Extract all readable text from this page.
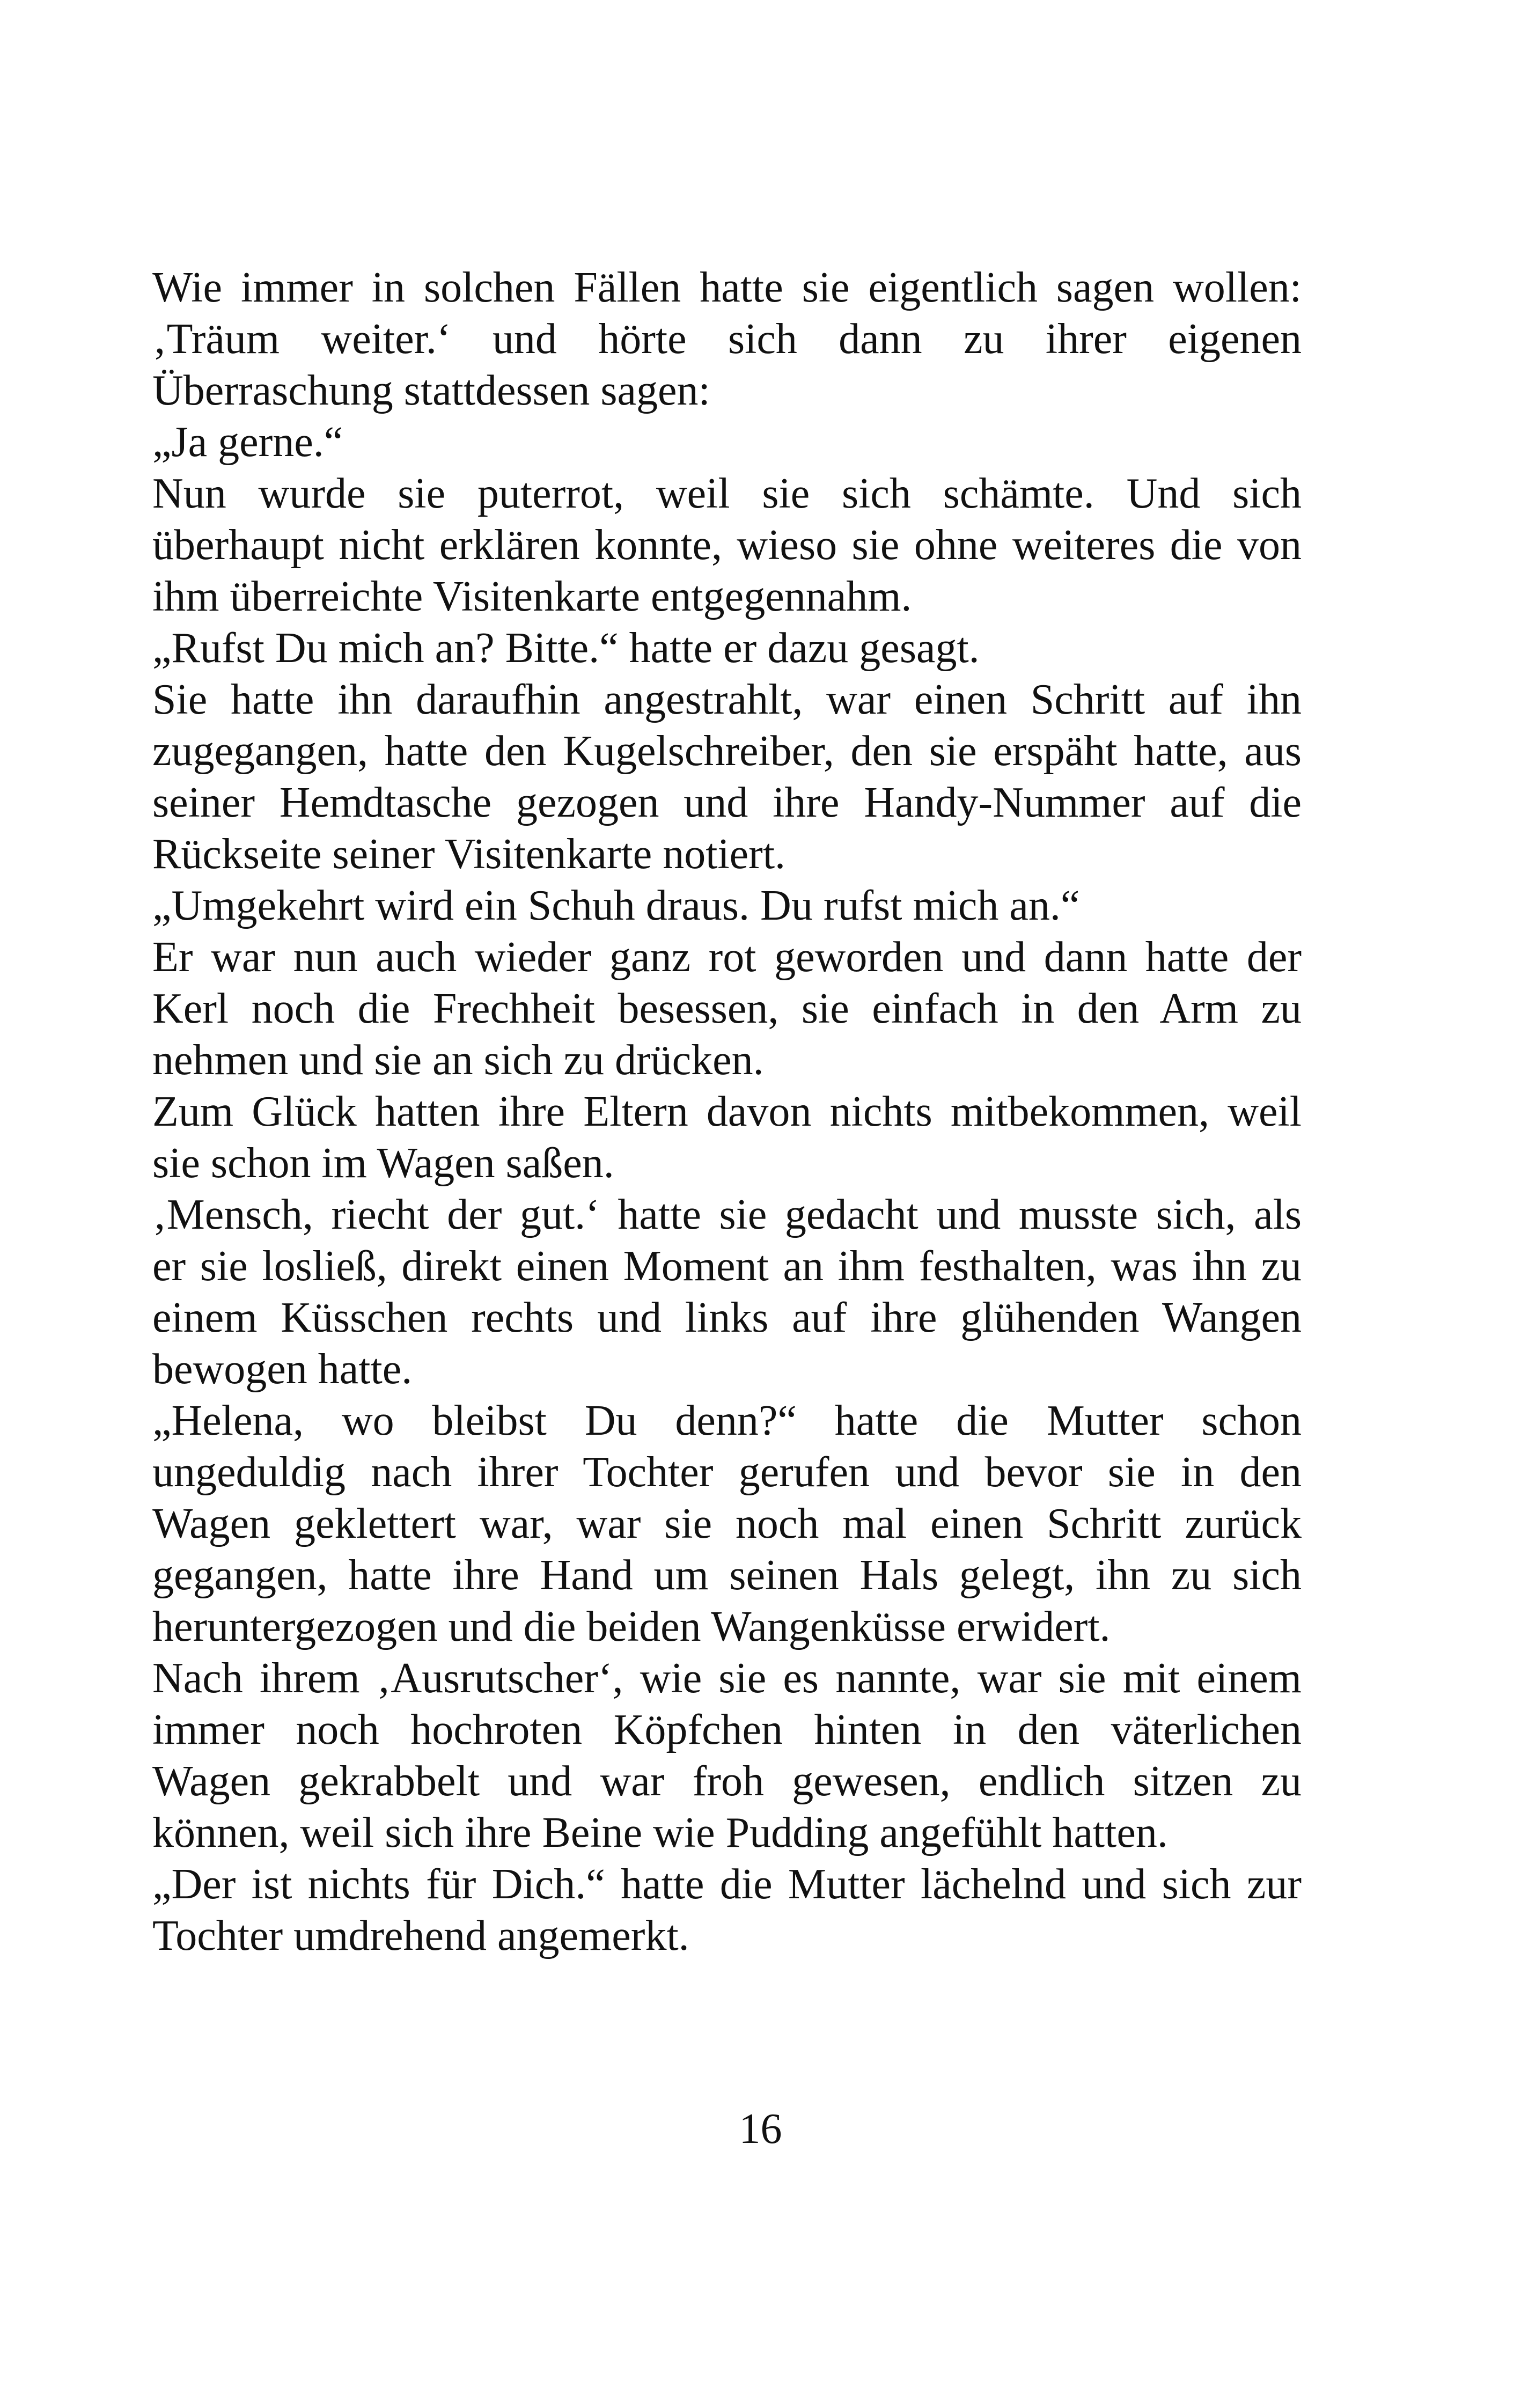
Wie immer in solchen Fällen hatte sie eigentlich sagen wollen:
‚Träum weiter.‘ und hörte sich dann zu ihrer eigenen
Überraschung stattdessen sagen:
„Ja gerne.“
Nun wurde sie puterrot, weil sie sich schämte. Und sich
überhaupt nicht erklären konnte, wieso sie ohne weiteres die von
ihm überreichte Visitenkarte entgegennahm.
„Rufst Du mich an? Bitte.“ hatte er dazu gesagt.
Sie hatte ihn daraufhin angestrahlt, war einen Schritt auf ihn
zugegangen, hatte den Kugelschreiber, den sie erspäht hatte, aus
seiner Hemdtasche gezogen und ihre Handy-Nummer auf die
Rückseite seiner Visitenkarte notiert.
„Umgekehrt wird ein Schuh draus. Du rufst mich an.“
Er war nun auch wieder ganz rot geworden und dann hatte der
Kerl noch die Frechheit besessen, sie einfach in den Arm zu
nehmen und sie an sich zu drücken.
Zum Glück hatten ihre Eltern davon nichts mitbekommen, weil
sie schon im Wagen saßen.
‚Mensch, riecht der gut.‘ hatte sie gedacht und musste sich, als
er sie losließ, direkt einen Moment an ihm festhalten, was ihn zu
einem Küsschen rechts und links auf ihre glühenden Wangen
bewogen hatte.
„Helena, wo bleibst Du denn?“ hatte die Mutter schon
ungeduldig nach ihrer Tochter gerufen und bevor sie in den
Wagen geklettert war, war sie noch mal einen Schritt zurück
gegangen, hatte ihre Hand um seinen Hals gelegt, ihn zu sich
heruntergezogen und die beiden Wangenküsse erwidert.
Nach ihrem ‚Ausrutscher‘, wie sie es nannte, war sie mit einem
immer noch hochroten Köpfchen hinten in den väterlichen
Wagen gekrabbelt und war froh gewesen, endlich sitzen zu
können, weil sich ihre Beine wie Pudding angefühlt hatten.
„Der ist nichts für Dich.“ hatte die Mutter lächelnd und sich zur
Tochter umdrehend angemerkt.
16
